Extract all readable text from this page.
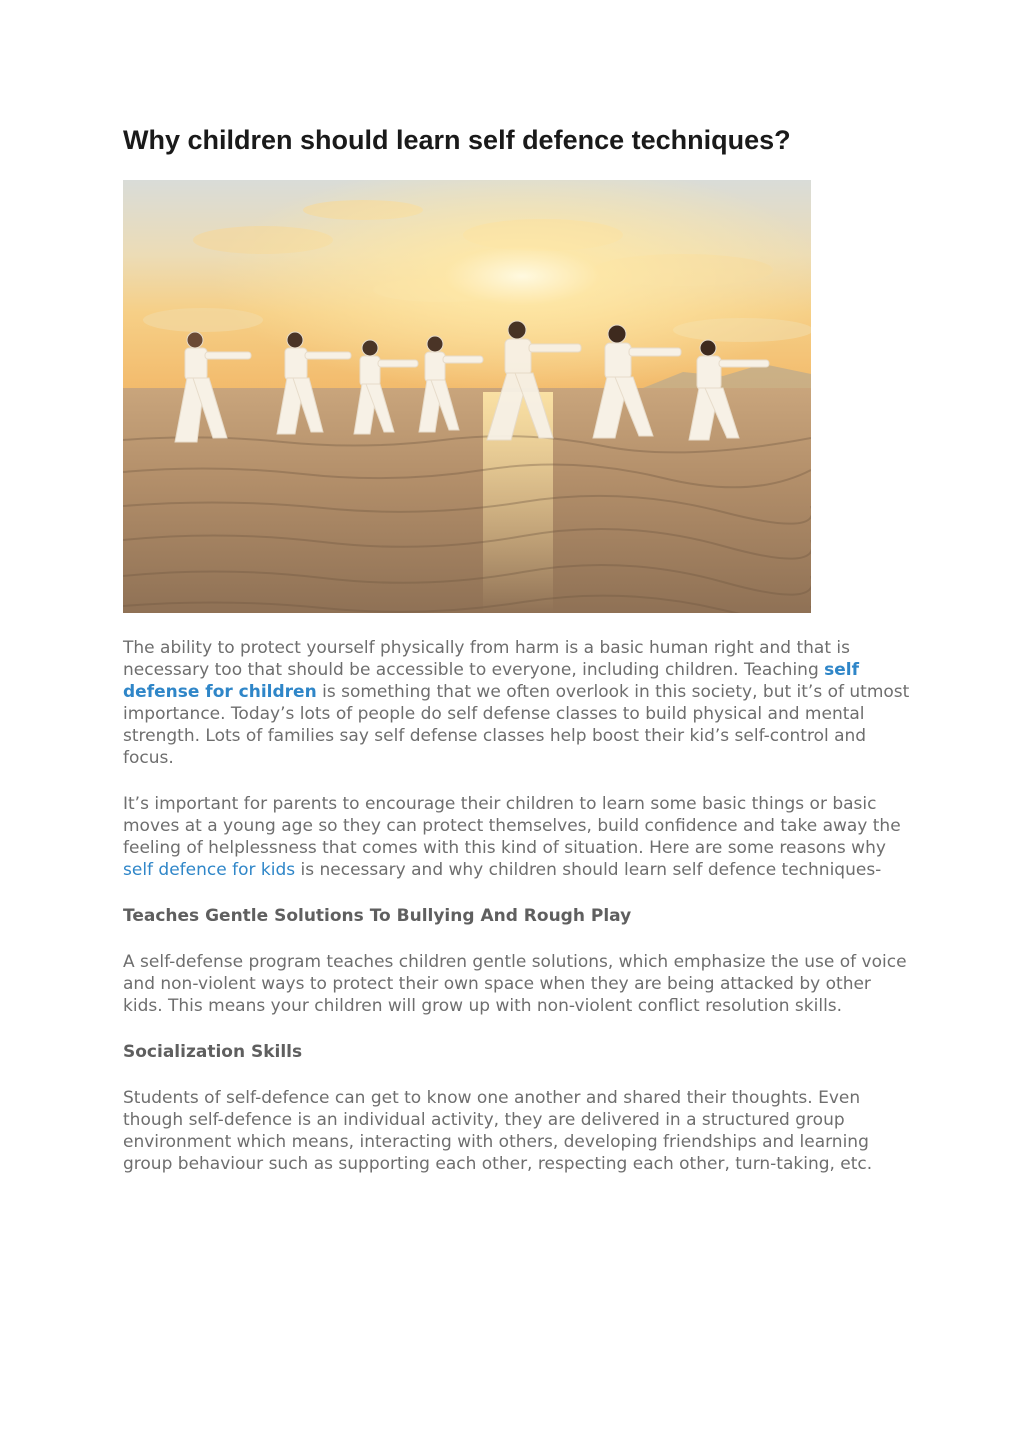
Why children should learn self defence techniques?

The ability to protect yourself physically from harm is a basic human right and that is necessary too that should be accessible to everyone, including children. Teaching self defense for children is something that we often overlook in this society, but it’s of utmost importance. Today’s lots of people do self defense classes to build physical and mental strength. Lots of families say self defense classes help boost their kid’s self-control and focus.

It’s important for parents to encourage their children to learn some basic things or basic moves at a young age so they can protect themselves, build confidence and take away the feeling of helplessness that comes with this kind of situation. Here are some reasons why self defence for kids is necessary and why children should learn self defence techniques-

Teaches Gentle Solutions To Bullying And Rough Play

A self-defense program teaches children gentle solutions, which emphasize the use of voice and non-violent ways to protect their own space when they are being attacked by other kids. This means your children will grow up with non-violent conflict resolution skills.

Socialization Skills

Students of self-defence can get to know one another and shared their thoughts. Even though self-defence is an individual activity, they are delivered in a structured group environment which means, interacting with others, developing friendships and learning group behaviour such as supporting each other, respecting each other, turn-taking, etc.
